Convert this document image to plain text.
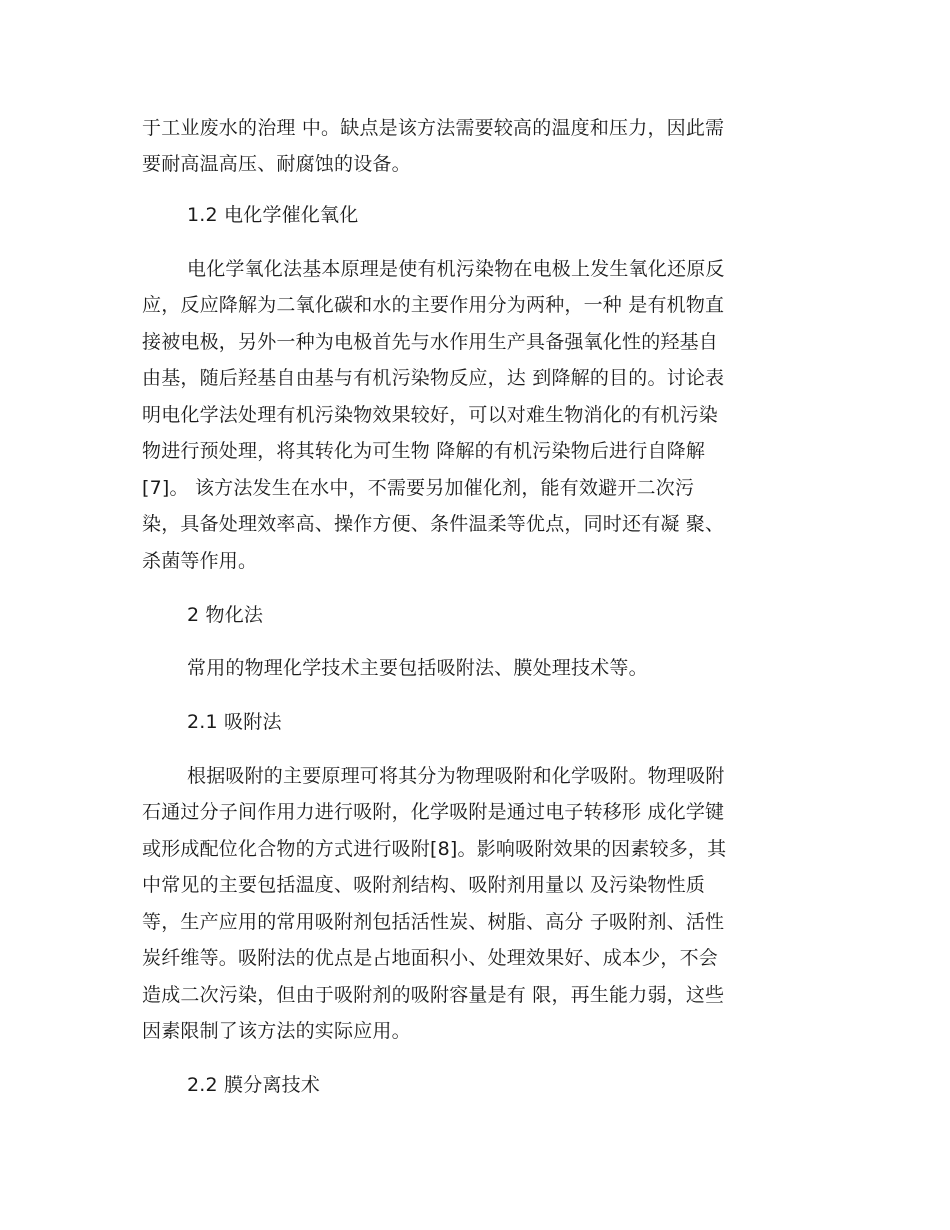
于工业废水的治理 中。缺点是该方法需要较高的温度和压力，因此需
要耐高温高压、耐腐蚀的设备。
1.2 电化学催化氧化
电化学氧化法基本原理是使有机污染物在电极上发生氧化还原反
应，反应降解为二氧化碳和水的主要作用分为两种，一种 是有机物直
接被电极，另外一种为电极首先与水作用生产具备强氧化性的羟基自
由基，随后羟基自由基与有机污染物反应，达 到降解的目的。讨论表
明电化学法处理有机污染物效果较好，可以对难生物消化的有机污染
物进行预处理，将其转化为可生物 降解的有机污染物后进行自降解
[7]。 该方法发生在水中，不需要另加催化剂，能有效避开二次污
染，具备处理效率高、操作方便、条件温柔等优点，同时还有凝 聚、
杀菌等作用。
2 物化法
常用的物理化学技术主要包括吸附法、膜处理技术等。
2.1 吸附法
根据吸附的主要原理可将其分为物理吸附和化学吸附。物理吸附
石通过分子间作用力进行吸附，化学吸附是通过电子转移形 成化学键
或形成配位化合物的方式进行吸附[8]。影响吸附效果的因素较多，其
中常见的主要包括温度、吸附剂结构、吸附剂用量以 及污染物性质
等，生产应用的常用吸附剂包括活性炭、树脂、高分 子吸附剂、活性
炭纤维等。吸附法的优点是占地面积小、处理效果好、成本少，不会
造成二次污染，但由于吸附剂的吸附容量是有 限，再生能力弱，这些
因素限制了该方法的实际应用。
2.2 膜分离技术
